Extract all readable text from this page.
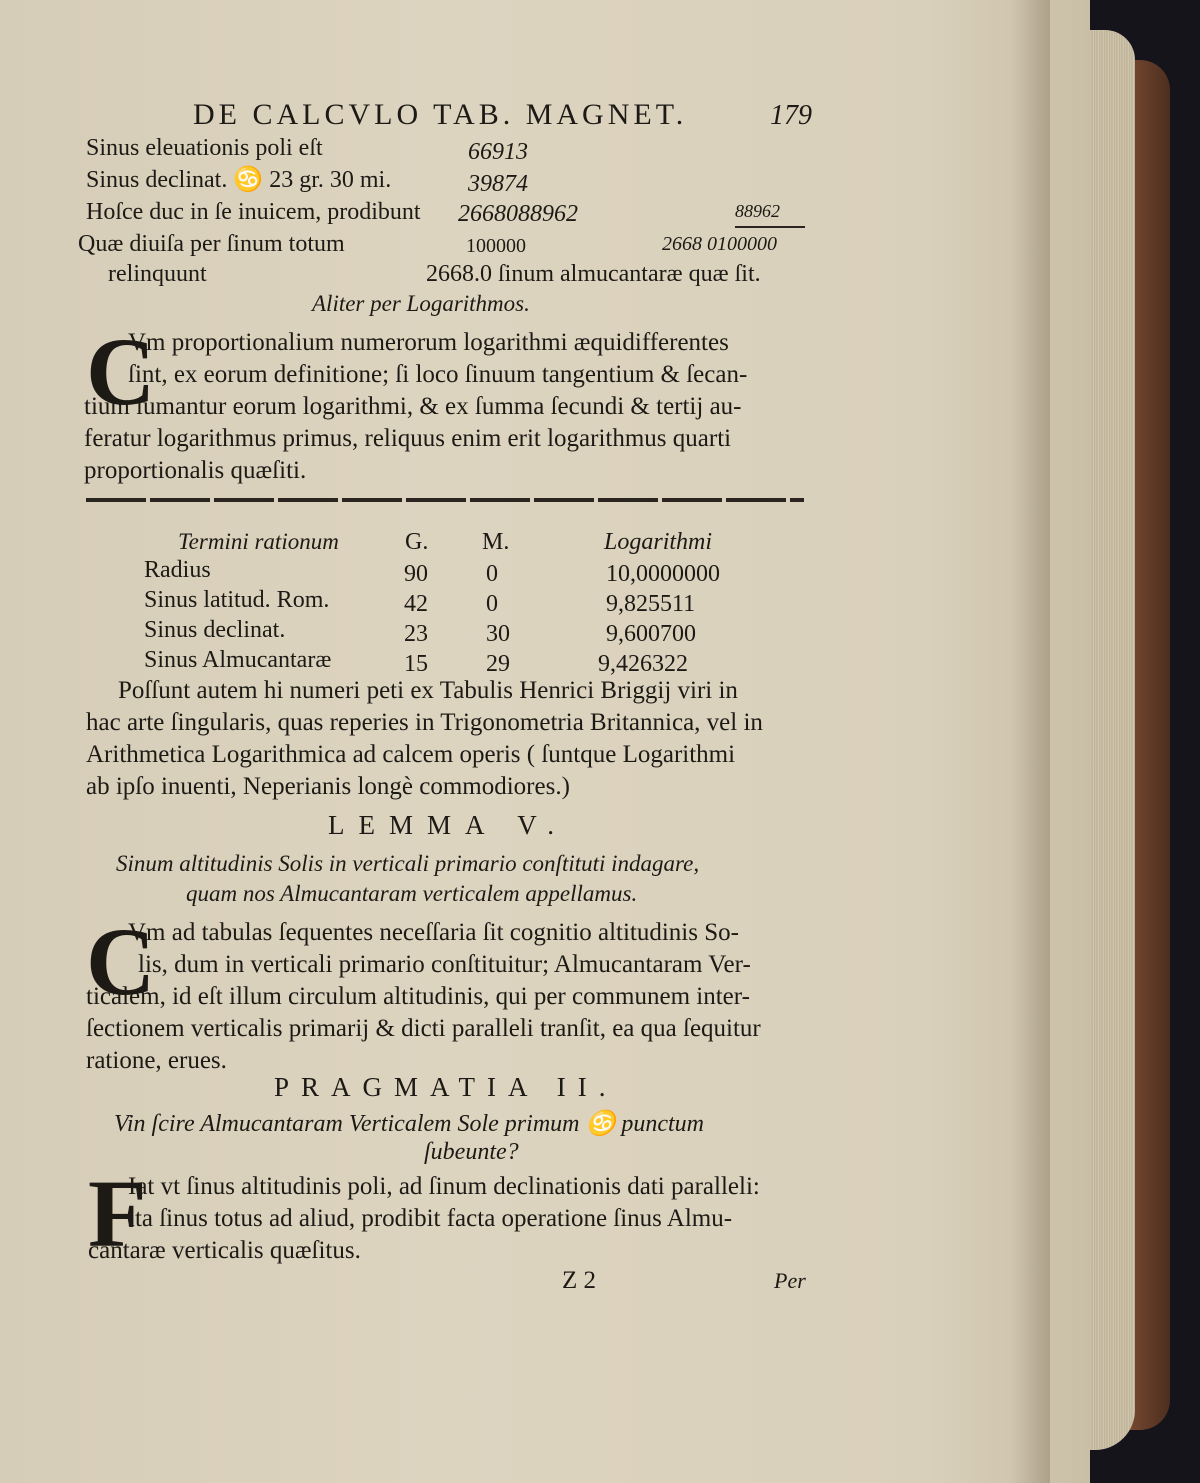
DE CALCVLO TAB. MAGNET.	179
Sinus eleuationis poli eſt	66913
Sinus declinat. ♋ 23 gr. 30 mi.	39874
Hoſce duc in ſe inuicem, prodibunt 2668088962	88962
Quæ diuiſa per ſinum totum	100000	2668 0100000
relinquunt	2668.0 ſinum almucantaræ quæ ſit.
Aliter per Logarithmos.
C
Vm proportionalium numerorum logarithmi æquidifferentes
ſint, ex eorum definitione; ſi loco ſinuum tangentium & ſecan-
tium ſumantur eorum logarithmi, & ex ſumma ſecundi & tertij au-
feratur logarithmus primus, reliquus enim erit logarithmus quarti
proportionalis quæſiti.
Termini rationum	G. M.	Logarithmi
Radius	90 0	10,0000000
Sinus latitud. Rom.	42 0	9,825511
Sinus declinat.	23 30	9,600700
Sinus Almucantaræ	15 29	9,426322
Poſſunt autem hi numeri peti ex Tabulis Henrici Briggij viri in
hac arte ſingularis, quas reperies in Trigonometria Britannica, vel in
Arithmetica Logarithmica ad calcem operis ( ſuntque Logarithmi
ab ipſo inuenti, Neperianis longè commodiores.)
LEMMA V.
Sinum altitudinis Solis in verticali primario conſtituti indagare,
quam nos Almucantaram verticalem appellamus.
C
Vm ad tabulas ſequentes neceſſaria ſit cognitio altitudinis So-
lis, dum in verticali primario conſtituitur; Almucantaram Ver-
ticalem, id eſt illum circulum altitudinis, qui per communem inter-
ſectionem verticalis primarij & dicti paralleli tranſit, ea qua ſequitur
ratione, erues.
PRAGMATIA II.
Vin ſcire Almucantaram Verticalem Sole primum ♋ punctum
ſubeunte?
F
Iat vt ſinus altitudinis poli, ad ſinum declinationis dati paralleli:
ita ſinus totus ad aliud, prodibit facta operatione ſinus Almu-
cantaræ verticalis quæſitus.
Z 2	Per
